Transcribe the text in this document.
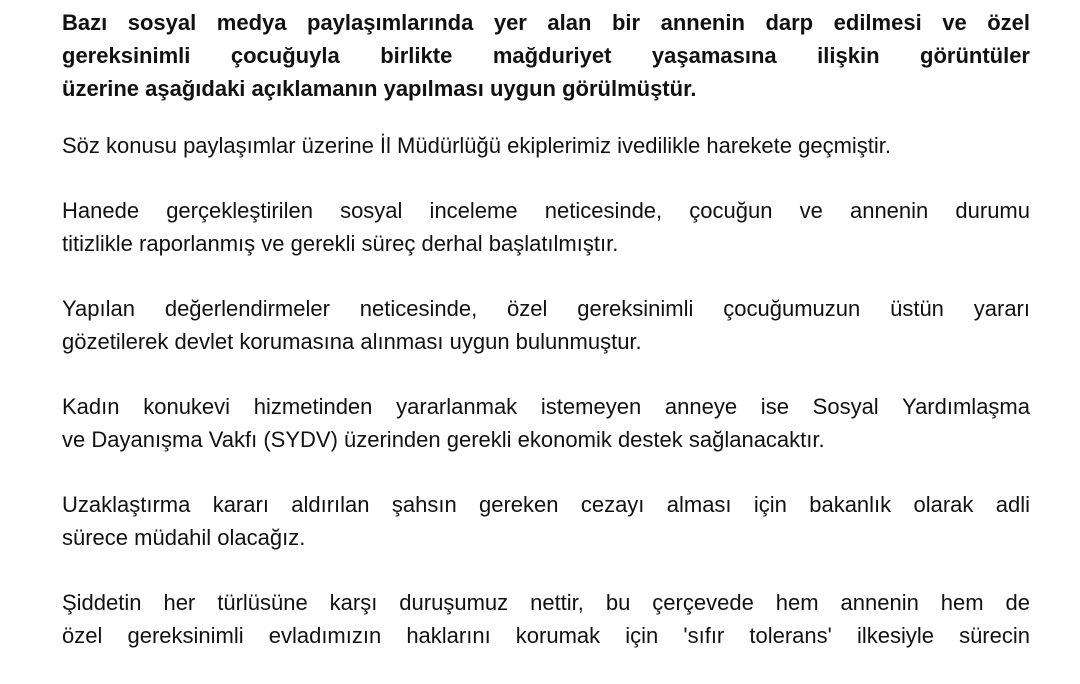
Bazı sosyal medya paylaşımlarında yer alan bir annenin darp edilmesi ve özel
gereksinimli çocuğuyla birlikte mağduriyet yaşamasına ilişkin görüntüler
üzerine aşağıdaki açıklamanın yapılması uygun görülmüştür.
Söz konusu paylaşımlar üzerine İl Müdürlüğü ekiplerimiz ivedilikle harekete geçmiştir.
Hanede gerçekleştirilen sosyal inceleme neticesinde, çocuğun ve annenin durumu
titizlikle raporlanmış ve gerekli süreç derhal başlatılmıştır.
Yapılan değerlendirmeler neticesinde, özel gereksinimli çocuğumuzun üstün yararı
gözetilerek devlet korumasına alınması uygun bulunmuştur.
Kadın konukevi hizmetinden yararlanmak istemeyen anneye ise Sosyal Yardımlaşma
ve Dayanışma Vakfı (SYDV) üzerinden gerekli ekonomik destek sağlanacaktır.
Uzaklaştırma kararı aldırılan şahsın gereken cezayı alması için bakanlık olarak adli
sürece müdahil olacağız.
Şiddetin her türlüsüne karşı duruşumuz nettir, bu çerçevede hem annenin hem de
özel gereksinimli evladımızın haklarını korumak için 'sıfır tolerans' ilkesiyle sürecin
